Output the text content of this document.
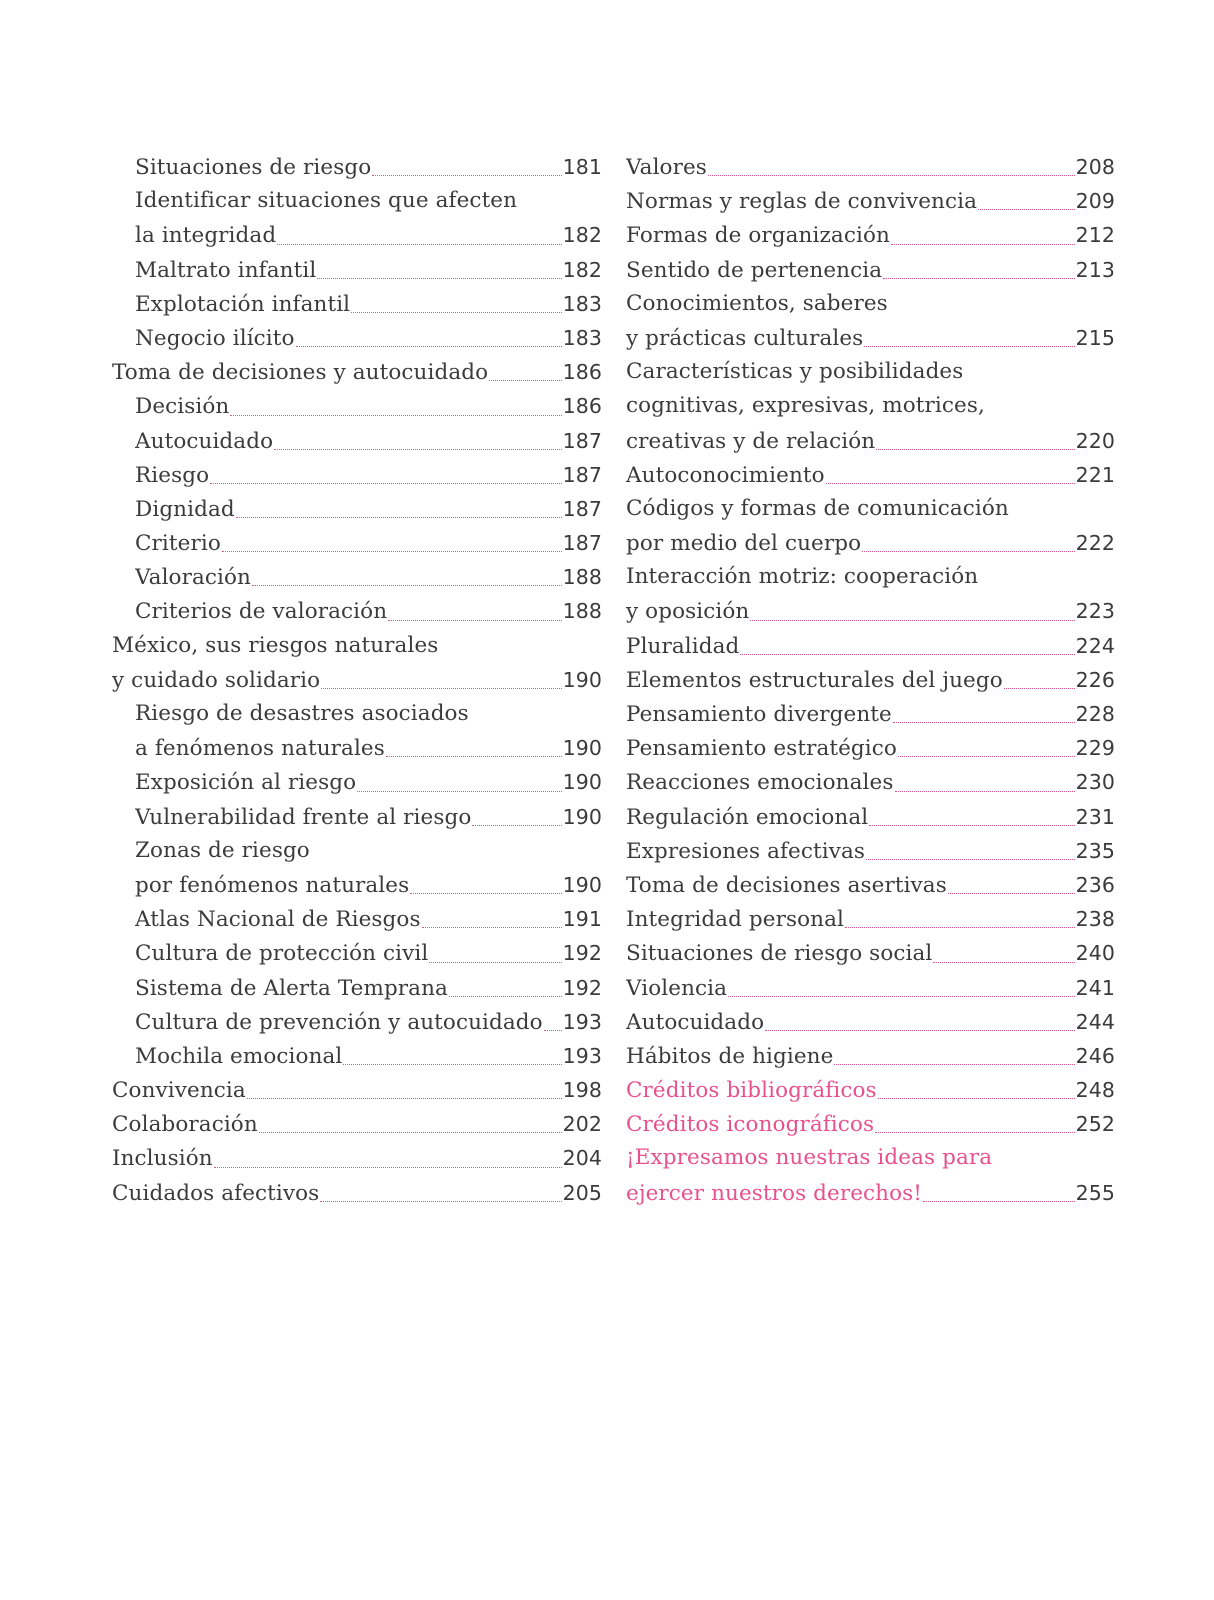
Situaciones de riesgo	181
Identificar situaciones que afecten
la integridad	182
Maltrato infantil	182
Explotación infantil	183
Negocio ilícito	183
Toma de decisiones y autocuidado	186
Decisión	186
Autocuidado	187
Riesgo	187
Dignidad	187
Criterio	187
Valoración	188
Criterios de valoración	188
México, sus riesgos naturales
y cuidado solidario	190
Riesgo de desastres asociados
a fenómenos naturales	190
Exposición al riesgo	190
Vulnerabilidad frente al riesgo	190
Zonas de riesgo
por fenómenos naturales	190
Atlas Nacional de Riesgos	191
Cultura de protección civil	192
Sistema de Alerta Temprana	192
Cultura de prevención y autocuidado 193
Mochila emocional	193
Convivencia	198
Colaboración	202
Inclusión	204
Cuidados afectivos	205
Valores	208
Normas y reglas de convivencia	209
Formas de organización	212
Sentido de pertenencia	213
Conocimientos, saberes
y prácticas culturales	215
Características y posibilidades
cognitivas, expresivas, motrices,
creativas y de relación	220
Autoconocimiento	221
Códigos y formas de comunicación
por medio del cuerpo	222
Interacción motriz: cooperación
y oposición	223
Pluralidad	224
Elementos estructurales del juego	226
Pensamiento divergente	228
Pensamiento estratégico	229
Reacciones emocionales	230
Regulación emocional	231
Expresiones afectivas	235
Toma de decisiones asertivas	236
Integridad personal	238
Situaciones de riesgo social	240
Violencia	241
Autocuidado	244
Hábitos de higiene	246
Créditos bibliográficos	248
Créditos iconográficos	252
¡Expresamos nuestras ideas para
ejercer nuestros derechos!	255
